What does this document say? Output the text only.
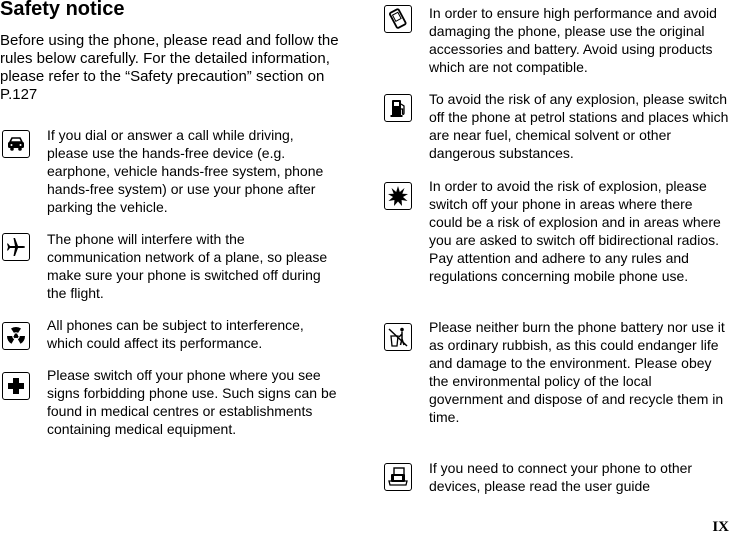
Safety notice
Before using the phone, please read and follow the rules below carefully. For the detailed information, please refer to the “Safety precaution” section on P.127
If you dial or answer a call while driving, please use the hands-free device (e.g. earphone, vehicle hands-free system, phone hands-free system) or use your phone after parking the vehicle.
The phone will interfere with the communication network of a plane, so please make sure your phone is switched off during the flight.
All phones can be subject to interference, which could affect its performance.
Please switch off your phone where you see signs forbidding phone use. Such signs can be found in medical centres or establishments containing medical equipment.
In order to ensure high performance and avoid damaging the phone, please use the original accessories and battery. Avoid using products which are not compatible.
To avoid the risk of any explosion, please switch off the phone at petrol stations and places which are near fuel, chemical solvent or other dangerous substances.
In order to avoid the risk of explosion, please switch off your phone in areas where there could be a risk of explosion and in areas where you are asked to switch off bidirectional radios. Pay attention and adhere to any rules and regulations concerning mobile phone use.
Please neither burn the phone battery nor use it as ordinary rubbish, as this could endanger life and damage to the environment. Please obey the environmental policy of the local government and dispose of and recycle them in time.
If you need to connect your phone to other devices, please read the user guide
IX
